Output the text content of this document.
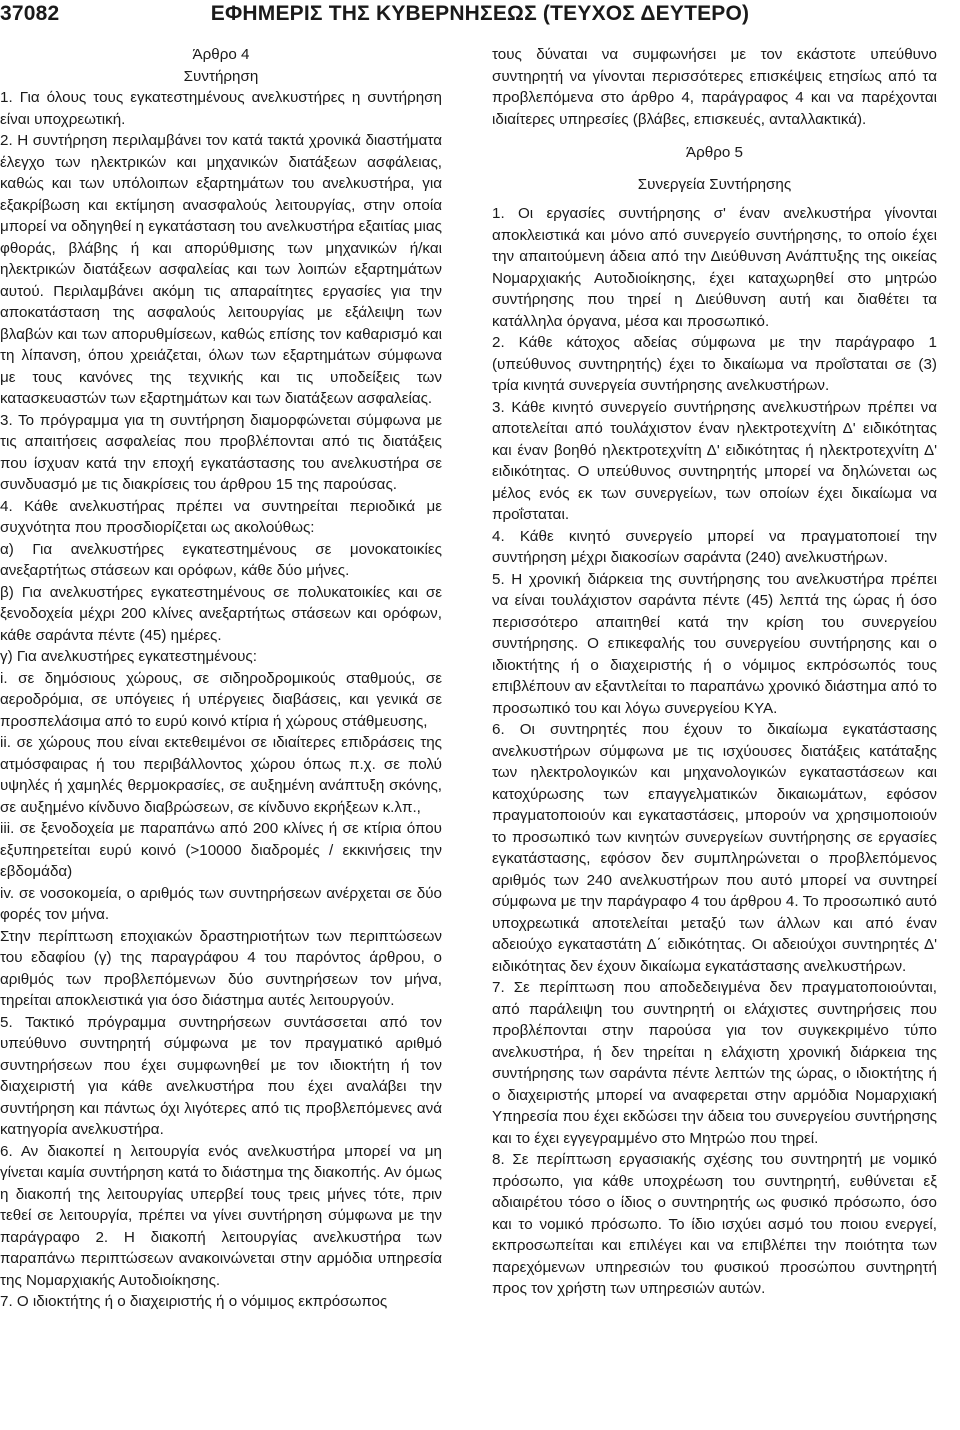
37082	ΕΦΗΜΕΡΙΣ ΤΗΣ ΚΥΒΕΡΝΗΣΕΩΣ (ΤΕΥΧΟΣ ΔΕΥΤΕΡΟ)

Άρθρο 4

Συντήρηση

1. Για όλους τους εγκατεστημένους ανελκυστήρες η συντήρηση είναι υποχρεωτική.

2. Η συντήρηση περιλαμβάνει τον κατά τακτά χρονικά διαστήματα έλεγχο των ηλεκτρικών και μηχανικών διατάξεων ασφάλειας, καθώς και των υπόλοιπων εξαρτημάτων του ανελκυστήρα, για εξακρίβωση και εκτίμηση ανασφαλούς λειτουργίας, στην οποία μπορεί να οδηγηθεί η εγκατάσταση του ανελκυστήρα εξαιτίας μιας φθοράς, βλάβης ή και απορύθμισης των μηχανικών ή/και ηλεκτρικών διατάξεων ασφαλείας και των λοιπών εξαρτημάτων αυτού. Περιλαμβάνει ακόμη τις απαραίτητες εργασίες για την αποκατάσταση της ασφαλούς λειτουργίας με εξάλειψη των βλαβών και των απορυθμίσεων, καθώς επίσης τον καθαρισμό και τη λίπανση, όπου χρειάζεται, όλων των εξαρτημάτων σύμφωνα με τους κανόνες της τεχνικής και τις υποδείξεις των κατασκευαστών των εξαρτημάτων και των διατάξεων ασφαλείας.

3. Το πρόγραμμα για τη συντήρηση διαμορφώνεται σύμφωνα με τις απαιτήσεις ασφαλείας που προβλέπονται από τις διατάξεις που ίσχυαν κατά την εποχή εγκατάστασης του ανελκυστήρα σε συνδυασμό με τις διακρίσεις του άρθρου 15 της παρούσας.

4. Κάθε ανελκυστήρας πρέπει να συντηρείται περιοδικά με συχνότητα που προσδιορίζεται ως ακολούθως:

α) Για ανελκυστήρες εγκατεστημένους σε μονοκατοικίες ανεξαρτήτως στάσεων και ορόφων, κάθε δύο μήνες.

β) Για ανελκυστήρες εγκατεστημένους σε πολυκατοικίες και σε ξενοδοχεία μέχρι 200 κλίνες ανεξαρτήτως στάσεων και ορόφων, κάθε σαράντα πέντε (45) ημέρες.

γ) Για ανελκυστήρες εγκατεστημένους:

i. σε δημόσιους χώρους, σε σιδηροδρομικούς σταθμούς, σε αεροδρόμια, σε υπόγειες ή υπέργειες διαβάσεις, και γενικά σε προσπελάσιμα από το ευρύ κοινό κτίρια ή χώρους στάθμευσης,

ii. σε χώρους που είναι εκτεθειμένοι σε ιδιαίτερες επιδράσεις της ατμόσφαιρας ή του περιβάλλοντος χώρου όπως π.χ. σε πολύ υψηλές ή χαμηλές θερμοκρασίες, σε αυξημένη ανάπτυξη σκόνης, σε αυξημένο κίνδυνο διαβρώσεων, σε κίνδυνο εκρήξεων κ.λπ.,

iii. σε ξενοδοχεία με παραπάνω από 200 κλίνες ή σε κτίρια όπου εξυπηρετείται ευρύ κοινό (>10000 διαδρομές / εκκινήσεις την εβδομάδα)

iv. σε νοσοκομεία, ο αριθμός των συντηρήσεων ανέρχεται σε δύο φορές τον μήνα.

Στην περίπτωση εποχιακών δραστηριοτήτων των περιπτώσεων του εδαφίου (γ) της παραγράφου 4 του παρόντος άρθρου, ο αριθμός των προβλεπόμενων δύο συντηρήσεων τον μήνα, τηρείται αποκλειστικά για όσο διάστημα αυτές λειτουργούν.

5. Τακτικό πρόγραμμα συντηρήσεων συντάσσεται από τον υπεύθυνο συντηρητή σύμφωνα με τον πραγματικό αριθμό συντηρήσεων που έχει συμφωνηθεί με τον ιδιοκτήτη ή τον διαχειριστή για κάθε ανελκυστήρα που έχει αναλάβει την συντήρηση και πάντως όχι λιγότερες από τις προβλεπόμενες ανά κατηγορία ανελκυστήρα.

6. Αν διακοπεί η λειτουργία ενός ανελκυστήρα μπορεί να μη γίνεται καμία συντήρηση κατά το διάστημα της διακοπής. Αν όμως η διακοπή της λειτουργίας υπερβεί τους τρεις μήνες τότε, πριν τεθεί σε λειτουργία, πρέπει να γίνει συντήρηση σύμφωνα με την παράγραφο 2. Η διακοπή λειτουργίας ανελκυστήρα των παραπάνω περιπτώσεων ανακοινώνεται στην αρμόδια υπηρεσία της Νομαρχιακής Αυτοδιοίκησης.

7. Ο ιδιοκτήτης ή ο διαχειριστής ή ο νόμιμος εκπρόσωπος

τους δύναται να συμφωνήσει με τον εκάστοτε υπεύθυνο συντηρητή να γίνονται περισσότερες επισκέψεις ετησίως από τα προβλεπόμενα στο άρθρο 4, παράγραφος 4 και να παρέχονται ιδιαίτερες υπηρεσίες (βλάβες, επισκευές, ανταλλακτικά).

Άρθρο 5

Συνεργεία Συντήρησης

1. Οι εργασίες συντήρησης σ' έναν ανελκυστήρα γίνονται αποκλειστικά και μόνο από συνεργείο συντήρησης, το οποίο έχει την απαιτούμενη άδεια από την Διεύθυνση Ανάπτυξης της οικείας Νομαρχιακής Αυτοδιοίκησης, έχει καταχωρηθεί στο μητρώο συντήρησης που τηρεί η Διεύθυνση αυτή και διαθέτει τα κατάλληλα όργανα, μέσα και προσωπικό.

2. Κάθε κάτοχος αδείας σύμφωνα με την παράγραφο 1 (υπεύθυνος συντηρητής) έχει το δικαίωμα να προΐσταται σε (3) τρία κινητά συνεργεία συντήρησης ανελκυστήρων.

3. Κάθε κινητό συνεργείο συντήρησης ανελκυστήρων πρέπει να αποτελείται από τουλάχιστον έναν ηλεκτροτεχνίτη Δ' ειδικότητας και έναν βοηθό ηλεκτροτεχνίτη Δ' ειδικότητας ή ηλεκτροτεχνίτη Δ' ειδικότητας. Ο υπεύθυνος συντηρητής μπορεί να δηλώνεται ως μέλος ενός εκ των συνεργείων, των οποίων έχει δικαίωμα να προΐσταται.

4. Κάθε κινητό συνεργείο μπορεί να πραγματοποιεί την συντήρηση μέχρι διακοσίων σαράντα (240) ανελκυστήρων.

5. Η χρονική διάρκεια της συντήρησης του ανελκυστήρα πρέπει να είναι τουλάχιστον σαράντα πέντε (45) λεπτά της ώρας ή όσο περισσότερο απαιτηθεί κατά την κρίση του συνεργείου συντήρησης. Ο επικεφαλής του συνεργείου συντήρησης και ο ιδιοκτήτης ή ο διαχειριστής ή ο νόμιμος εκπρόσωπός τους επιβλέπουν αν εξαντλείται το παραπάνω χρονικό διάστημα από το προσωπικό του και λόγω συνεργείου ΚΥΑ.

6. Οι συντηρητές που έχουν το δικαίωμα εγκατάστασης ανελκυστήρων σύμφωνα με τις ισχύουσες διατάξεις κατάταξης των ηλεκτρολογικών και μηχανολογικών εγκαταστάσεων και κατοχύρωσης των επαγγελματικών δικαιωμάτων, εφόσον πραγματοποιούν και εγκαταστάσεις, μπορούν να χρησιμοποιούν το προσωπικό των κινητών συνεργείων συντήρησης σε εργασίες εγκατάστασης, εφόσον δεν συμπληρώνεται ο προβλεπόμενος αριθμός των 240 ανελκυστήρων που αυτό μπορεί να συντηρεί σύμφωνα με την παράγραφο 4 του άρθρου 4. Το προσωπικό αυτό υποχρεωτικά αποτελείται μεταξύ των άλλων και από έναν αδειούχο εγκαταστάτη Δ΄ ειδικότητας. Οι αδειούχοι συντηρητές Δ' ειδικότητας δεν έχουν δικαίωμα εγκατάστασης ανελκυστήρων.

7. Σε περίπτωση που αποδεδειγμένα δεν πραγματοποιούνται, από παράλειψη του συντηρητή οι ελάχιστες συντηρήσεις που προβλέπονται στην παρούσα για τον συγκεκριμένο τύπο ανελκυστήρα, ή δεν τηρείται η ελάχιστη χρονική διάρκεια της συντήρησης των σαράντα πέντε λεπτών της ώρας, ο ιδιοκτήτης ή ο διαχειριστής μπορεί να αναφερεται στην αρμόδια Νομαρχιακή Υπηρεσία που έχει εκδώσει την άδεια του συνεργείου συντήρησης και το έχει εγγεγραμμένο στο Μητρώο που τηρεί.

8. Σε περίπτωση εργασιακής σχέσης του συντηρητή με νομικό πρόσωπο, για κάθε υποχρέωση του συντηρητή, ευθύνεται εξ αδιαιρέτου τόσο ο ίδιος ο συντηρητής ως φυσικό πρόσωπο, όσο και το νομικό πρόσωπο. Το ίδιο ισχύει ασμό του ποιου ενεργεί, εκπροσωπείται και επιλέγει και να επιβλέπει την ποιότητα των παρεχόμενων υπηρεσιών του φυσικού προσώπου συντηρητή προς τον χρήστη των υπηρεσιών αυτών.
